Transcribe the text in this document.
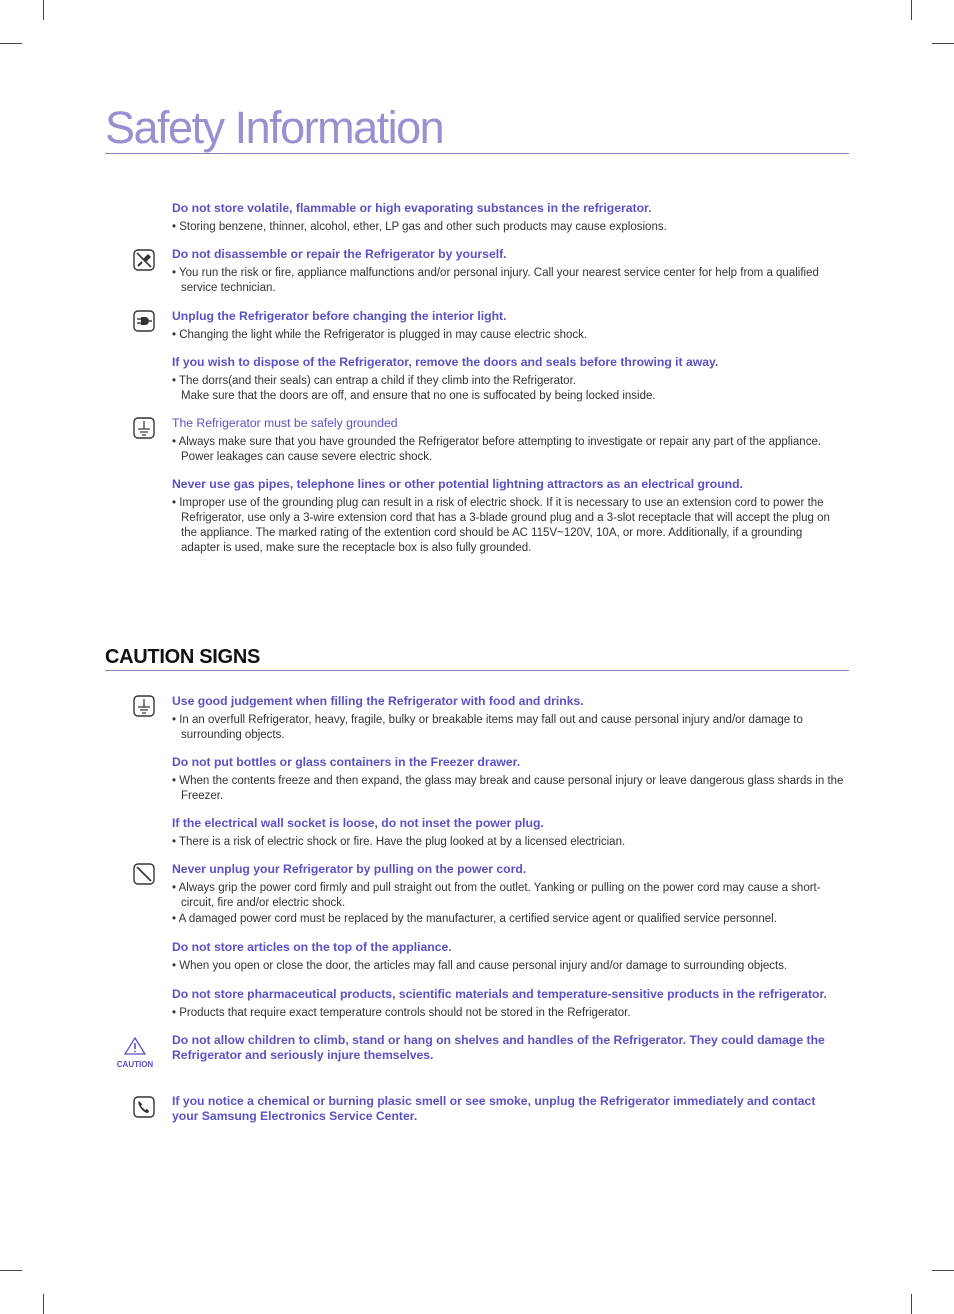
Safety Information
Do not store volatile, flammable or high evaporating substances in the refrigerator.
• Storing benzene, thinner, alcohol, ether, LP gas and other such products may cause explosions.
Do not disassemble or repair the Refrigerator by yourself.
• You run the risk or fire, appliance malfunctions and/or personal injury. Call your nearest service center for help from a qualified service technician.
Unplug the Refrigerator before changing the interior light.
• Changing the light while the Refrigerator is plugged in may cause electric shock.
If you wish to dispose of the Refrigerator, remove the doors and seals before throwing it away.
• The dorrs(and their seals) can entrap a child if they climb into the Refrigerator.
Make sure that the doors are off, and ensure that no one is suffocated by being locked inside.
The Refrigerator must be safely grounded
• Always make sure that you have grounded the Refrigerator before attempting to investigate or repair any part of the appliance. Power leakages can cause severe electric shock.
Never use gas pipes, telephone lines or other potential lightning attractors as an electrical ground.
• Improper use of the grounding plug can result in a risk of electric shock. If it is necessary to use an extension cord to power the Refrigerator, use only a 3-wire extension cord that has a 3-blade ground plug and a 3-slot receptacle that will accept the plug on the appliance. The marked rating of the extention cord should be AC 115V~120V, 10A, or more. Additionally, if a grounding adapter is used, make sure the receptacle box is also fully grounded.
CAUTION SIGNS
Use good judgement when filling the Refrigerator with food and drinks.
• In an overfull Refrigerator, heavy, fragile, bulky or breakable items may fall out and cause personal injury and/or damage to surrounding objects.
Do not put bottles or glass containers in the Freezer drawer.
• When the contents freeze and then expand, the glass may break and cause personal injury or leave dangerous glass shards in the Freezer.
If the electrical wall socket is loose, do not inset the power plug.
• There is a risk of electric shock or fire. Have the plug looked at by a licensed electrician.
Never unplug your Refrigerator by pulling on the power cord.
• Always grip the power cord firmly and pull straight out from the outlet. Yanking or pulling on the power cord may cause a short-circuit, fire and/or electric shock.
• A damaged power cord must be replaced by the manufacturer, a certified service agent or qualified service personnel.
Do not store articles on the top of the appliance.
• When you open or close the door, the articles may fall and cause personal injury and/or damage to surrounding objects.
Do not store pharmaceutical products, scientific materials and temperature-sensitive products in the refrigerator.
• Products that require exact temperature controls should not be stored in the Refrigerator.
CAUTION
Do not allow children to climb, stand or hang on shelves and handles of the Refrigerator. They could damage the Refrigerator and seriously injure themselves.
If you notice a chemical or burning plasic smell or see smoke, unplug the Refrigerator immediately and contact your Samsung Electronics Service Center.
